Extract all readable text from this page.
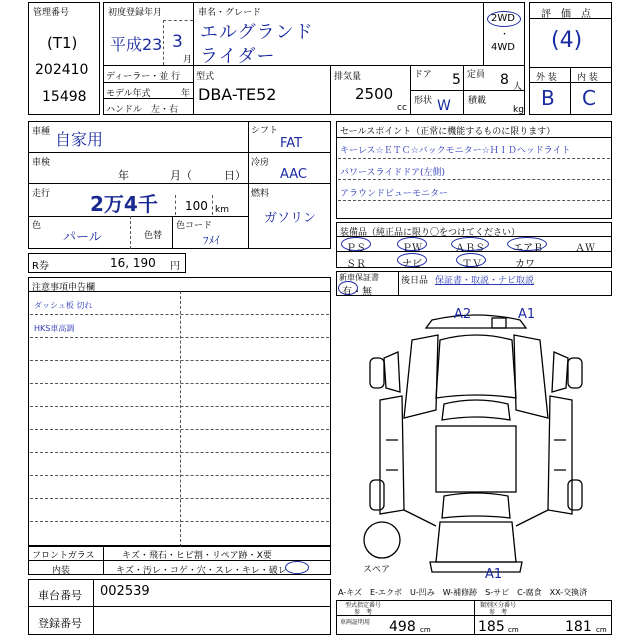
管理番号
(T1)
202410
15498
初度登録年月
平成23 3
月
ディーラー・並 行
モデル年式	年
ハンドル　左・右
車名・グレード
エルグランド
ライダー
2WD
・
4WD
型式
DBA-TE52
排気量
2500
cc
ドア 5 定員 8 人
形状 W 積載
kg
評　価　点
(4)
外 装 内 装
B C
車種 自家用
車検
年	月（	日）
走行 2万4千 100 km
色
パール	色替
色コード
ﾌﾒｲ
シフト
FAT
冷房
AAC
燃料
ガソリン
R券	16, 190 円
セールスポイント（正常に機能するものに限ります）
キーレス☆ＥＴＣ☆バックモニター☆ＨＩＤヘッドライト
パワースライドドア(左側)
アラウンドビューモニター
装備品（純正品に限り〇をつけてください）
ＰＳ	ＰＷ	ＡＢＳ	エアＢ	ＡＷ
ＳＲ	ナビ	ＴＶ	カワ
新車保証書
有・無
後日品 保証書・取説・ナビ取説
注意事項申告欄
ダッシュ板 切れ
HKS車高調
A2	A1
A1
スペア
フロントガラス	キズ・飛石・ヒビ割・リペア跡・X要
内装	キズ・汚レ・コゲ・穴・スレ・キレ・破レ
車台番号 002539
登録番号
A-キズ　E-エクボ　U-凹み　W-補修跡　S-サビ　C-腐食　XX-交換済
型式指定番号
参　考
類別区分番号
参　考
車両証明用 498 cm	185 cm	181 cm
